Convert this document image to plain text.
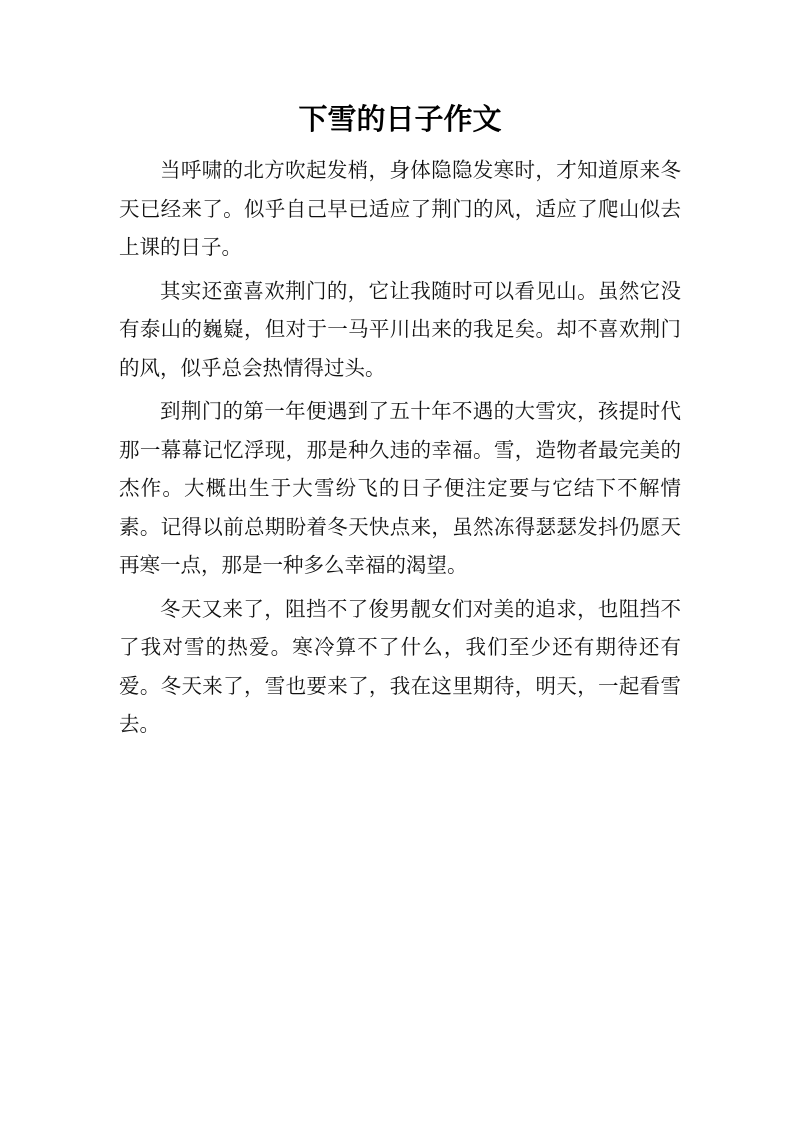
下雪的日子作文

当呼啸的北方吹起发梢，身体隐隐发寒时，才知道原来冬天已经来了。似乎自己早已适应了荆门的风，适应了爬山似去上课的日子。

其实还蛮喜欢荆门的，它让我随时可以看见山。虽然它没有泰山的巍嶷，但对于一马平川出来的我足矣。却不喜欢荆门的风，似乎总会热情得过头。

到荆门的第一年便遇到了五十年不遇的大雪灾，孩提时代那一幕幕记忆浮现，那是种久违的幸福。雪，造物者最完美的杰作。大概出生于大雪纷飞的日子便注定要与它结下不解情素。记得以前总期盼着冬天快点来，虽然冻得瑟瑟发抖仍愿天再寒一点，那是一种多么幸福的渴望。

冬天又来了，阻挡不了俊男靓女们对美的追求，也阻挡不了我对雪的热爱。寒冷算不了什么，我们至少还有期待还有爱。冬天来了，雪也要来了，我在这里期待，明天，一起看雪去。
